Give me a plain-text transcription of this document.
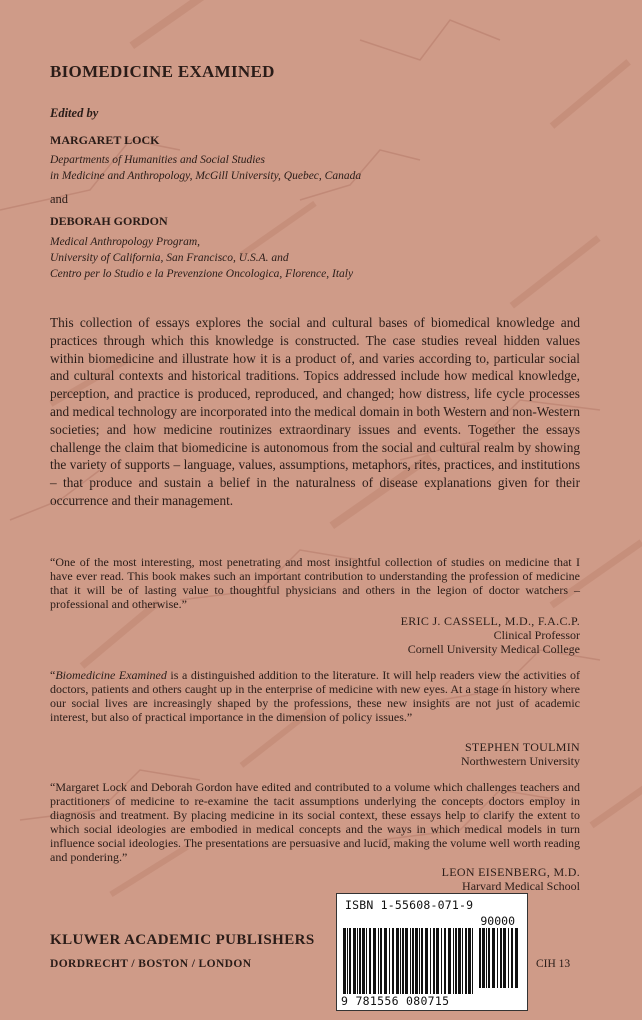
BIOMEDICINE EXAMINED
Edited by
MARGARET LOCK
Departments of Humanities and Social Studies
in Medicine and Anthropology, McGill University, Quebec, Canada
and
DEBORAH GORDON
Medical Anthropology Program,
University of California, San Francisco, U.S.A. and
Centro per lo Studio e la Prevenzione Oncologica, Florence, Italy
This collection of essays explores the social and cultural bases of biomedical knowledge and practices through which this knowledge is constructed. The case studies reveal hidden values within biomedicine and illustrate how it is a product of, and varies according to, particular social and cultural contexts and historical traditions. Topics addressed include how medical knowledge, perception, and practice is produced, reproduced, and changed; how distress, life cycle processes and medical technology are incorporated into the medical domain in both Western and non-Western societies; and how medicine routinizes extraordinary issues and events. Together the essays challenge the claim that biomedicine is autonomous from the social and cultural realm by showing the variety of supports – language, values, assumptions, metaphors, rites, practices, and institutions – that produce and sustain a belief in the naturalness of disease explanations given for their occurrence and their management.
“One of the most interesting, most penetrating and most insightful collection of studies on medicine that I have ever read. This book makes such an important contribution to understanding the profession of medicine that it will be of lasting value to thoughtful physicians and others in the legion of doctor watchers – professional and otherwise.”
ERIC J. CASSELL, M.D., F.A.C.P.
Clinical Professor
Cornell University Medical College
“Biomedicine Examined is a distinguished addition to the literature. It will help readers view the activities of doctors, patients and others caught up in the enterprise of medicine with new eyes. At a stage in history where our social lives are increasingly shaped by the professions, these new insights are not just of academic interest, but also of practical importance in the dimension of policy issues.”
STEPHEN TOULMIN
Northwestern University
“Margaret Lock and Deborah Gordon have edited and contributed to a volume which challenges teachers and practitioners of medicine to re-examine the tacit assumptions underlying the concepts doctors employ in diagnosis and treatment. By placing medicine in its social context, these essays help to clarify the extent to which social ideologies are embodied in medical concepts and the ways in which medical models in turn influence social ideologies. The presentations are persuasive and lucid, making the volume well worth reading and pondering.”
LEON EISENBERG, M.D.
Harvard Medical School
KLUWER ACADEMIC PUBLISHERS
DORDRECHT / BOSTON / LONDON	CIH 13
ISBN 1-55608-071-9
90000
9 781556 080715
